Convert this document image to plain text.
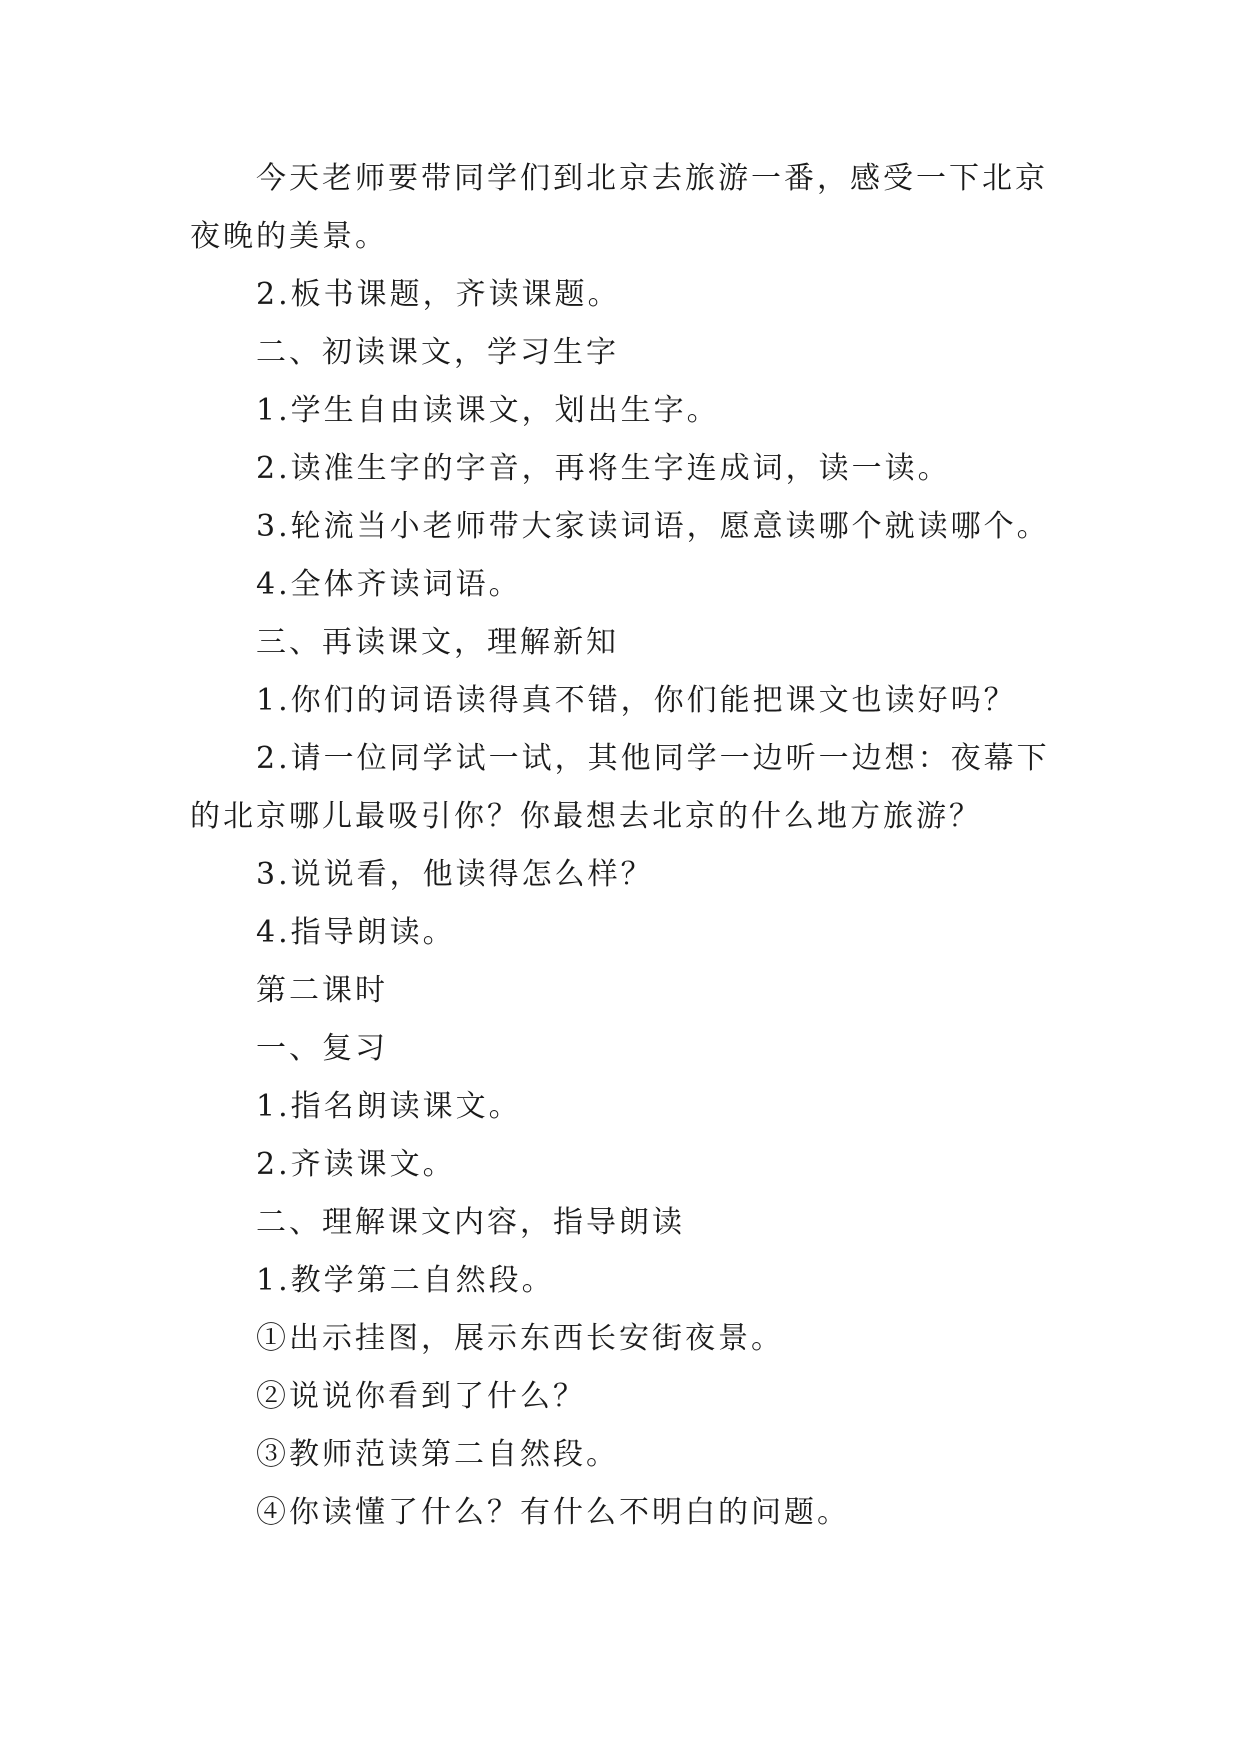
今天老师要带同学们到北京去旅游一番，感受一下北京

夜晚的美景。

2.板书课题，齐读课题。

二、初读课文，学习生字

1.学生自由读课文，划出生字。

2.读准生字的字音，再将生字连成词，读一读。

3.轮流当小老师带大家读词语，愿意读哪个就读哪个。

4.全体齐读词语。

三、再读课文，理解新知

1.你们的词语读得真不错，你们能把课文也读好吗？

2.请一位同学试一试，其他同学一边听一边想：夜幕下

的北京哪儿最吸引你？你最想去北京的什么地方旅游？

3.说说看，他读得怎么样？

4.指导朗读。

第二课时

一、复习

1.指名朗读课文。

2.齐读课文。

二、理解课文内容，指导朗读

1.教学第二自然段。

①出示挂图，展示东西长安街夜景。

②说说你看到了什么？

③教师范读第二自然段。

④你读懂了什么？有什么不明白的问题。
